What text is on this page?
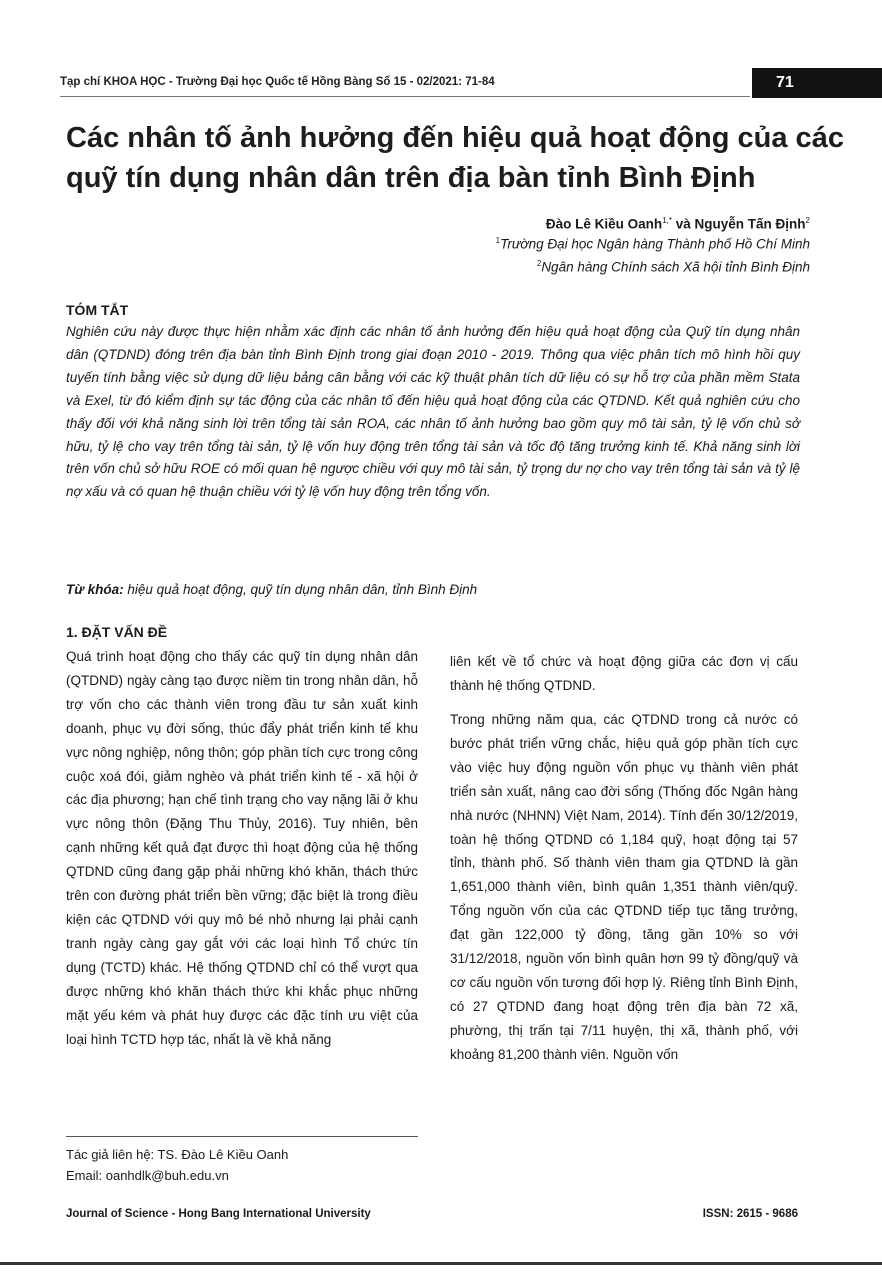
Tạp chí KHOA HỌC - Trường Đại học Quốc tế Hồng Bàng Số 15 - 02/2021: 71-84	71
Các nhân tố ảnh hưởng đến hiệu quả hoạt động của các quỹ tín dụng nhân dân trên địa bàn tỉnh Bình Định
Đào Lê Kiều Oanh$^{1,*}$ và Nguyễn Tấn Định$^2$
$^1$Trường Đại học Ngân hàng Thành phố Hồ Chí Minh
$^2$Ngân hàng Chính sách Xã hội tỉnh Bình Định
TÓM TẮT
Nghiên cứu này được thực hiện nhằm xác định các nhân tố ảnh hưởng đến hiệu quả hoạt động của Quỹ tín dụng nhân dân (QTDND) đóng trên địa bàn tỉnh Bình Định trong giai đoạn 2010 - 2019. Thông qua việc phân tích mô hình hồi quy tuyến tính bằng việc sử dụng dữ liệu bảng cân bằng với các kỹ thuật phân tích dữ liệu có sự hỗ trợ của phần mềm Stata và Exel, từ đó kiểm định sự tác động của các nhân tố đến hiệu quả hoạt động của các QTDND. Kết quả nghiên cứu cho thấy đối với khả năng sinh lời trên tổng tài sản ROA, các nhân tố ảnh hưởng bao gồm quy mô tài sản, tỷ lệ vốn chủ sở hữu, tỷ lệ cho vay trên tổng tài sản, tỷ lệ vốn huy động trên tổng tài sản và tốc độ tăng trưởng kinh tế. Khả năng sinh lời trên vốn chủ sở hữu ROE có mối quan hệ ngược chiều với quy mô tài sản, tỷ trọng dư nợ cho vay trên tổng tài sản và tỷ lệ nợ xấu và có quan hệ thuận chiều với tỷ lệ vốn huy động trên tổng vốn.
Từ khóa: hiệu quả hoạt động, quỹ tín dụng nhân dân, tỉnh Bình Định
1. ĐẶT VẤN ĐỀ
Quá trình hoạt động cho thấy các quỹ tín dụng nhân dân (QTDND) ngày càng tạo được niềm tin trong nhân dân, hỗ trợ vốn cho các thành viên trong đầu tư sản xuất kinh doanh, phục vụ đời sống, thúc đẩy phát triển kinh tế khu vực nông nghiệp, nông thôn; góp phần tích cực trong công cuộc xoá đói, giảm nghèo và phát triển kinh tế - xã hội ở các địa phương; hạn chế tình trạng cho vay nặng lãi ở khu vực nông thôn (Đặng Thu Thủy, 2016). Tuy nhiên, bên cạnh những kết quả đạt được thì hoạt động của hệ thống QTDND cũng đang gặp phải những khó khăn, thách thức trên con đường phát triển bền vững; đặc biệt là trong điều kiện các QTDND với quy mô bé nhỏ nhưng lại phải cạnh tranh ngày càng gay gắt với các loại hình Tổ chức tín dụng (TCTD) khác. Hệ thống QTDND chỉ có thể vượt qua được những khó khăn thách thức khi khắc phục những mặt yếu kém và phát huy được các đặc tính ưu việt của loại hình TCTD hợp tác, nhất là về khả năng
liên kết về tổ chức và hoạt động giữa các đơn vị cấu thành hệ thống QTDND.
Trong những năm qua, các QTDND trong cả nước có bước phát triển vững chắc, hiệu quả góp phần tích cực vào việc huy động nguồn vốn phục vụ thành viên phát triển sản xuất, nâng cao đời sống (Thống đốc Ngân hàng nhà nước (NHNN) Việt Nam, 2014). Tính đến 30/12/2019, toàn hệ thống QTDND có 1,184 quỹ, hoạt động tại 57 tỉnh, thành phố. Số thành viên tham gia QTDND là gần 1,651,000 thành viên, bình quân 1,351 thành viên/quỹ. Tổng nguồn vốn của các QTDND tiếp tục tăng trưởng, đạt gần 122,000 tỷ đồng, tăng gần 10% so với 31/12/2018, nguồn vốn bình quân hơn 99 tỷ đồng/quỹ và cơ cấu nguồn vốn tương đối hợp lý. Riêng tỉnh Bình Định, có 27 QTDND đang hoạt động trên địa bàn 72 xã, phường, thị trấn tại 7/11 huyện, thị xã, thành phố, với khoảng 81,200 thành viên. Nguồn vốn
Tác giả liên hệ: TS. Đào Lê Kiều Oanh
Email: oanhdlk@buh.edu.vn
Journal of Science - Hong Bang International University	ISSN: 2615 - 9686
